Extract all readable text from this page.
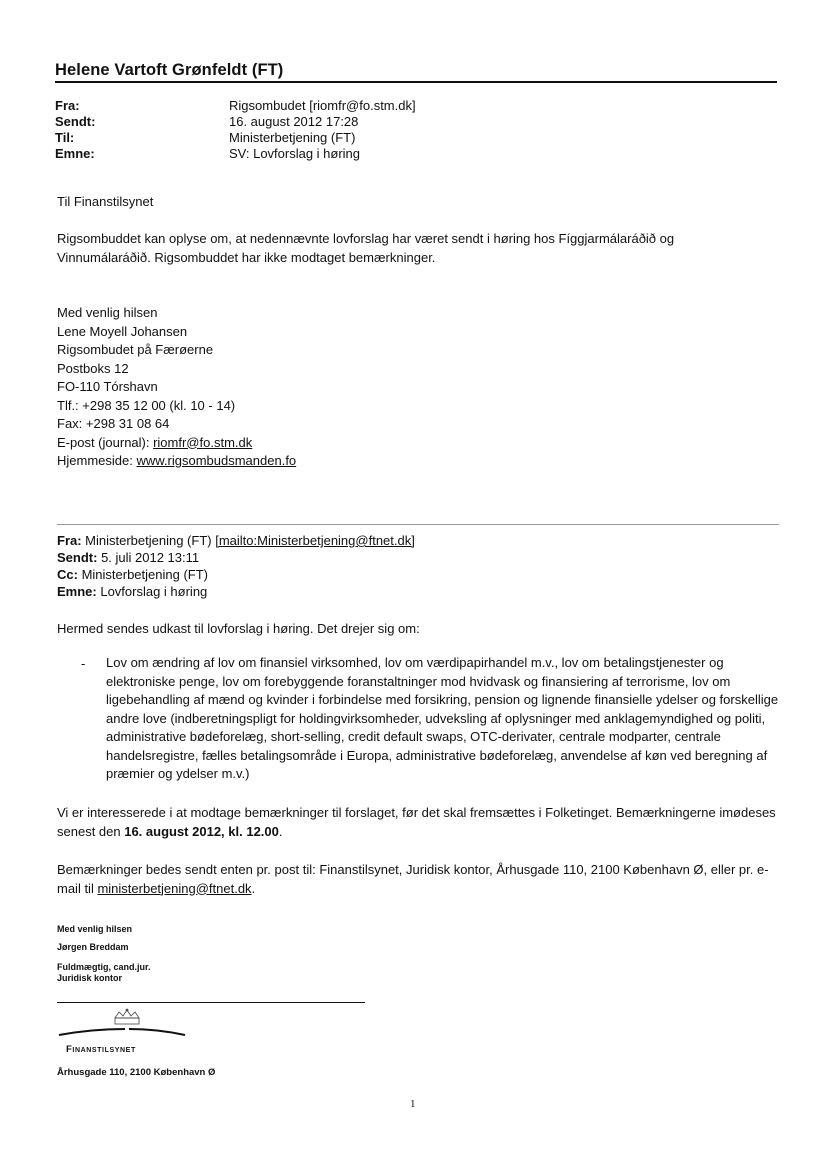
Helene Vartoft Grønfeldt (FT)
Fra:	Rigsombudet [riomfr@fo.stm.dk]
Sendt:	16. august 2012 17:28
Til:	Ministerbetjening (FT)
Emne:	SV: Lovforslag i høring
Til Finanstilsynet
Rigsombuddet kan oplyse om, at nedennævnte lovforslag har været sendt i høring hos Fíggjarmálaráðið og Vinnumálaráðið. Rigsombuddet har ikke modtaget bemærkninger.
Med venlig hilsen
Lene Moyell Johansen
Rigsombudet på Færøerne
Postboks 12
FO-110 Tórshavn
Tlf.: +298 35 12 00 (kl. 10 - 14)
Fax: +298 31 08 64
E-post (journal): riomfr@fo.stm.dk
Hjemmeside: www.rigsombudsmanden.fo
Fra: Ministerbetjening (FT) [mailto:Ministerbetjening@ftnet.dk]
Sendt: 5. juli 2012 13:11
Cc: Ministerbetjening (FT)
Emne: Lovforslag i høring
Hermed sendes udkast til lovforslag i høring. Det drejer sig om:
- Lov om ændring af lov om finansiel virksomhed, lov om værdipapirhandel m.v., lov om betalingstjenester og elektroniske penge, lov om forebyggende foranstaltninger mod hvidvask og finansiering af terrorisme, lov om ligebehandling af mænd og kvinder i forbindelse med forsikring, pension og lignende finansielle ydelser og forskellige andre love (indberetningspligt for holdingvirksomheder, udveksling af oplysninger med anklagemyndighed og politi, administrative bødeforelæg, short-selling, credit default swaps, OTC-derivater, centrale modparter, centrale handelsregistre, fælles betalingsområde i Europa, administrative bødeforelæg, anvendelse af køn ved beregning af præmier og ydelser m.v.)
Vi er interesserede i at modtage bemærkninger til forslaget, før det skal fremsættes i Folketinget. Bemærkningerne imødeses senest den 16. august 2012, kl. 12.00.
Bemærkninger bedes sendt enten pr. post til: Finanstilsynet, Juridisk kontor, Århusgade 110, 2100 København Ø, eller pr. e-mail til ministerbetjening@ftnet.dk.
Med venlig hilsen
Jørgen Breddam
Fuldmægtig, cand.jur.
Juridisk kontor
Finanstilsynet
Århusgade 110, 2100 København Ø
1
